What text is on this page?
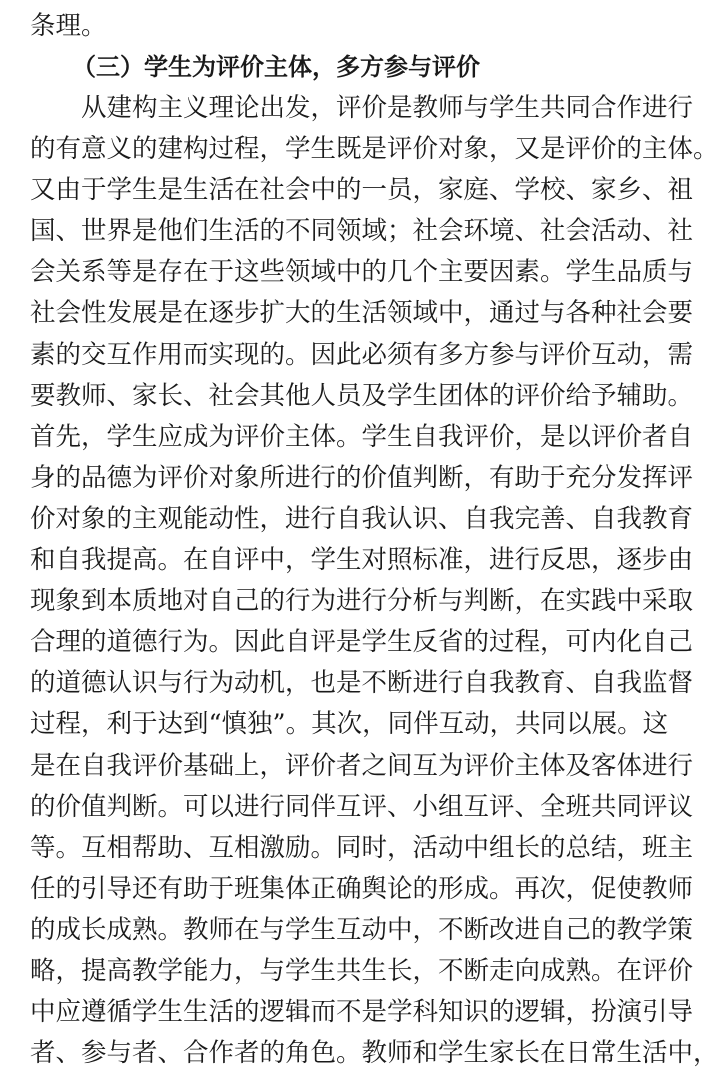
条理。

（三）学生为评价主体，多方参与评价
从建构主义理论出发，评价是教师与学生共同合作进行
的有意义的建构过程，学生既是评价对象，又是评价的主体。
又由于学生是生活在社会中的一员，家庭、学校、家乡、祖
国、世界是他们生活的不同领域；社会环境、社会活动、社
会关系等是存在于这些领域中的几个主要因素。学生品质与
社会性发展是在逐步扩大的生活领域中，通过与各种社会要
素的交互作用而实现的。因此必须有多方参与评价互动，需
要教师、家长、社会其他人员及学生团体的评价给予辅助。
首先，学生应成为评价主体。学生自我评价，是以评价者自
身的品德为评价对象所进行的价值判断，有助于充分发挥评
价对象的主观能动性，进行自我认识、自我完善、自我教育
和自我提高。在自评中，学生对照标准，进行反思，逐步由
现象到本质地对自己的行为进行分析与判断，在实践中采取
合理的道德行为。因此自评是学生反省的过程，可内化自己
的道德认识与行为动机，也是不断进行自我教育、自我监督
过程，利于达到“慎独”。其次，同伴互动，共同以展。这
是在自我评价基础上，评价者之间互为评价主体及客体进行
的价值判断。可以进行同伴互评、小组互评、全班共同评议
等。互相帮助、互相激励。同时，活动中组长的总结，班主
任的引导还有助于班集体正确舆论的形成。再次，促使教师
的成长成熟。教师在与学生互动中，不断改进自己的教学策
略，提高教学能力，与学生共生长，不断走向成熟。在评价
中应遵循学生生活的逻辑而不是学科知识的逻辑，扮演引导
者、参与者、合作者的角色。教师和学生家长在日常生活中，
